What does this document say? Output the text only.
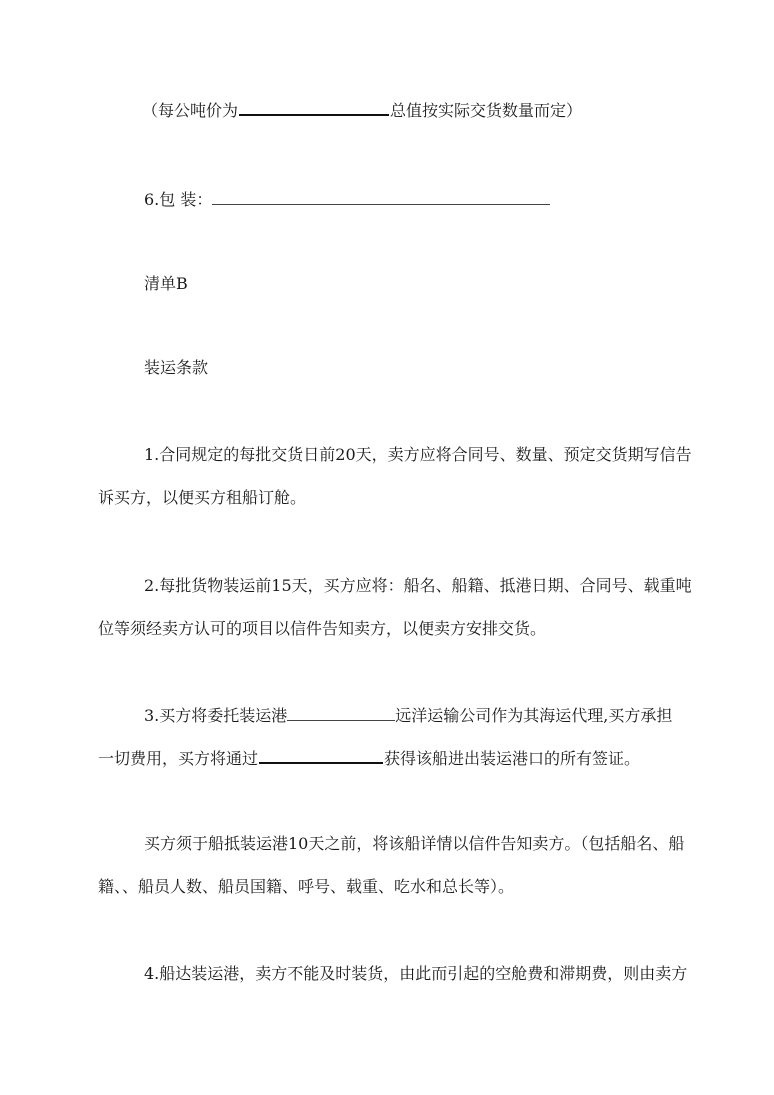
（每公吨价为	总值按实际交货数量而定）
6.包 装：
清单B
装运条款
1.合同规定的每批交货日前20天，卖方应将合同号、数量、预定交货期写信告
诉买方，以便买方租船订舱。
2.每批货物装运前15天，买方应将：船名、船籍、抵港日期、合同号、载重吨
位等须经卖方认可的项目以信件告知卖方，以便卖方安排交货。
3.买方将委托装运港	远洋运输公司作为其海运代理,买方承担
一切费用，买方将通过	获得该船进出装运港口的所有签证。
买方须于船抵装运港10天之前，将该船详情以信件告知卖方。（包括船名、船
籍、、船员人数、船员国籍、呼号、载重、吃水和总长等）。
4.船达装运港，卖方不能及时装货，由此而引起的空舱费和滞期费，则由卖方
